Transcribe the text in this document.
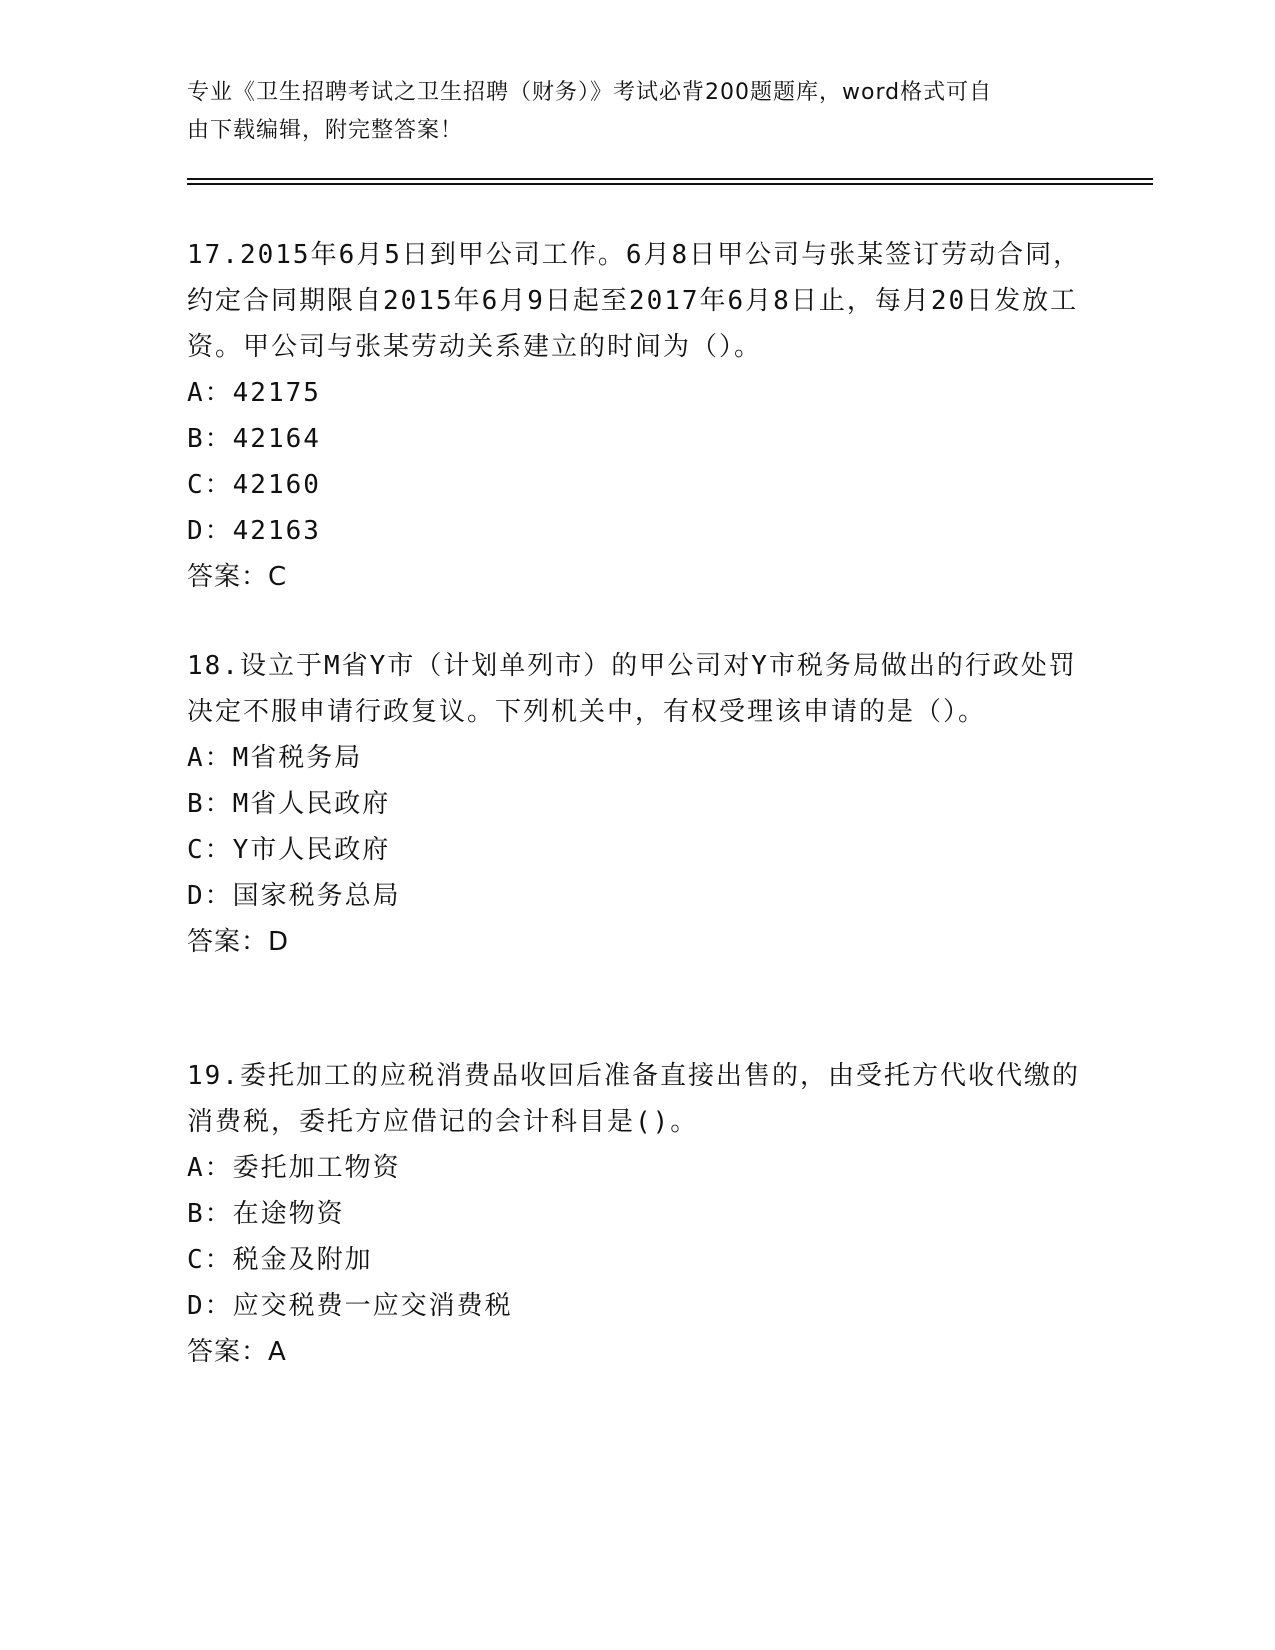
专业《卫生招聘考试之卫生招聘（财务）》考试必背200题题库，word格式可自
由下载编辑，附完整答案！

17.2015年6月5日到甲公司工作。6月8日甲公司与张某签订劳动合同，约定合同期限自2015年6月9日起至2017年6月8日止，每月20日发放工资。甲公司与张某劳动关系建立的时间为（）。

A：42175

B：42164

C：42160

D：42163

答案：C

18.设立于M省Y市（计划单列市）的甲公司对Y市税务局做出的行政处罚决定不服申请行政复议。下列机关中，有权受理该申请的是（）。

A：M省税务局

B：M省人民政府

C：Y市人民政府

D：国家税务总局

答案：D

19.委托加工的应税消费品收回后准备直接出售的，由受托方代收代缴的消费税，委托方应借记的会计科目是()。

A：委托加工物资

B：在途物资

C：税金及附加

D：应交税费一应交消费税

答案：A
